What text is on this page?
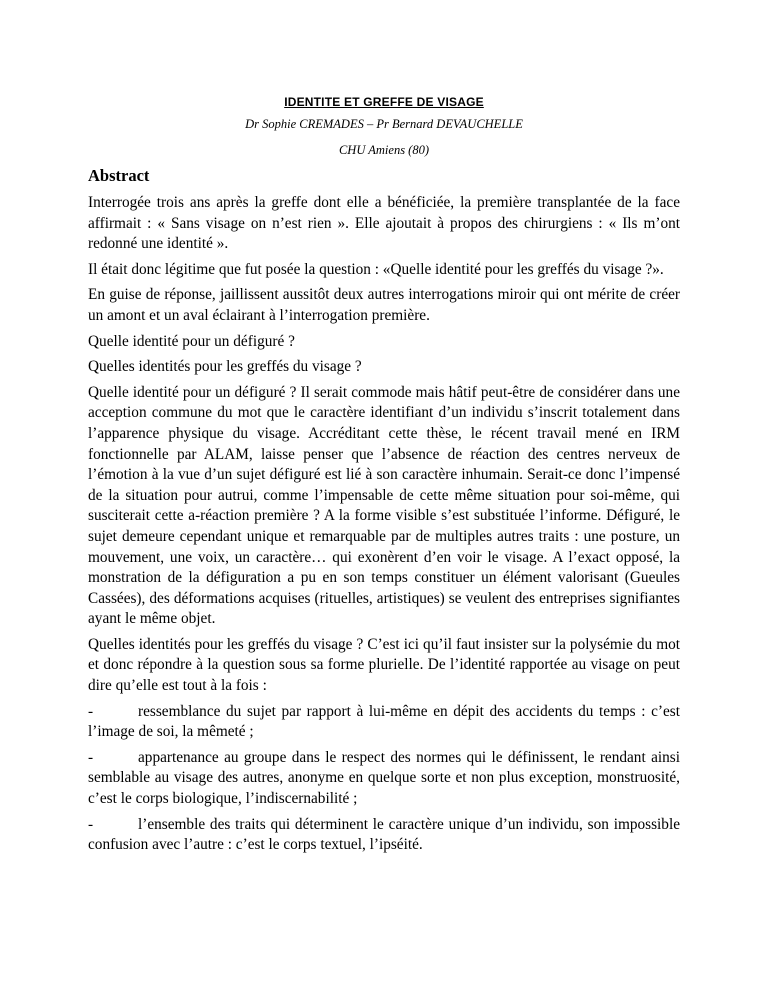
IDENTITE ET GREFFE DE VISAGE
Dr Sophie CREMADES – Pr Bernard DEVAUCHELLE
CHU Amiens (80)
Abstract

Interrogée trois ans après la greffe dont elle a bénéficiée, la première transplantée de la face affirmait : « Sans visage on n’est rien ». Elle ajoutait à propos des chirurgiens : « Ils m’ont redonné une identité ».

Il était donc légitime que fut posée la question : «Quelle identité pour les greffés du visage ?».

En guise de réponse, jaillissent aussitôt deux autres interrogations miroir qui ont mérite de créer un amont et un aval éclairant à l’interrogation première.

Quelle identité pour un défiguré ?

Quelles identités pour les greffés du visage ?

Quelle identité pour un défiguré ? Il serait commode mais hâtif peut-être de considérer dans une acception commune du mot que le caractère identifiant d’un individu s’inscrit totalement dans l’apparence physique du visage. Accréditant cette thèse, le récent travail mené en IRM fonctionnelle par ALAM, laisse penser que l’absence de réaction des centres nerveux de l’émotion à la vue d’un sujet défiguré est lié à son caractère inhumain. Serait-ce donc l’impensé de la situation pour autrui, comme l’impensable de cette même situation pour soi-même, qui susciterait cette a-réaction première ? A la forme visible s’est substituée l’informe. Défiguré, le sujet demeure cependant unique et remarquable par de multiples autres traits : une posture, un mouvement, une voix, un caractère… qui exonèrent d’en voir le visage. A l’exact opposé, la monstration de la défiguration a pu en son temps constituer un élément valorisant (Gueules Cassées), des déformations acquises (rituelles, artistiques) se veulent des entreprises signifiantes ayant le même objet.

Quelles identités pour les greffés du visage ? C’est ici qu’il faut insister sur la polysémie du mot et donc répondre à la question sous sa forme plurielle. De l’identité rapportée au visage on peut dire qu’elle est tout à la fois :

-	ressemblance du sujet par rapport à lui-même en dépit des accidents du temps : c’est l’image de soi, la mêmeté ;

-	appartenance au groupe dans le respect des normes qui le définissent, le rendant ainsi semblable au visage des autres, anonyme en quelque sorte et non plus exception, monstruosité, c’est le corps biologique, l’indiscernabilité ;

-	l’ensemble des traits qui déterminent le caractère unique d’un individu, son impossible confusion avec l’autre : c’est le corps textuel, l’ipséité.
